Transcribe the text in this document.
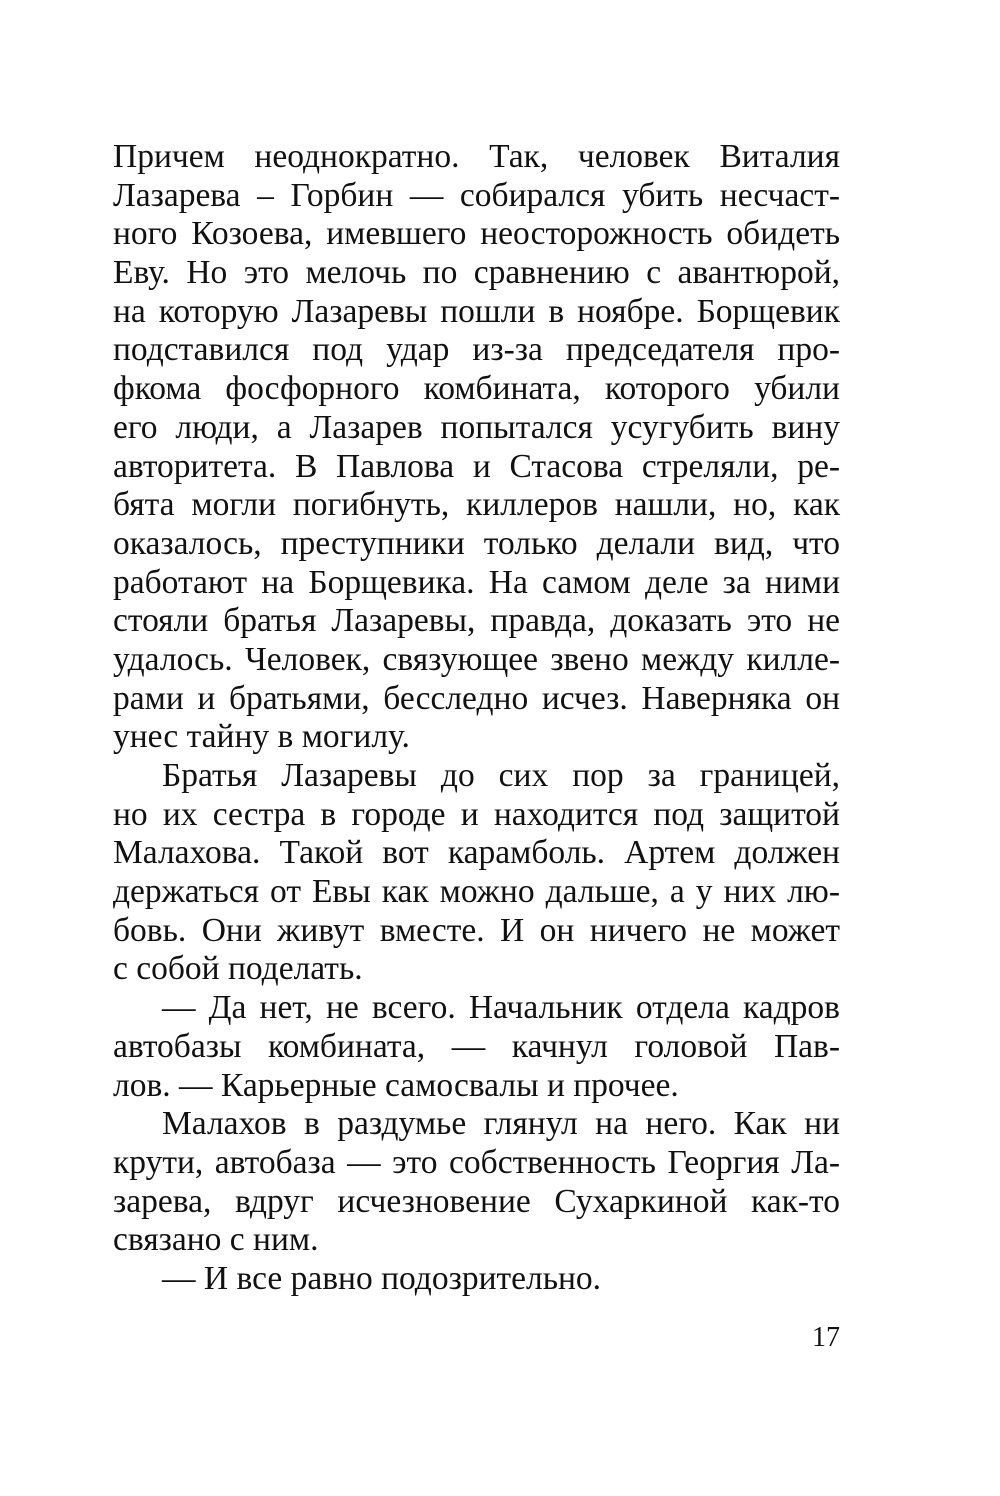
Причем неоднократно. Так, человек Виталия
Лазарева – Горбин — собирался убить несчаст-
ного Козоева, имевшего неосторожность обидеть
Еву. Но это мелочь по сравнению с авантюрой,
на которую Лазаревы пошли в ноябре. Борщевик
подставился под удар из-за председателя про-
фкома фосфорного комбината, которого убили
его люди, а Лазарев попытался усугубить вину
авторитета. В Павлова и Стасова стреляли, ре-
бята могли погибнуть, киллеров нашли, но, как
оказалось, преступники только делали вид, что
работают на Борщевика. На самом деле за ними
стояли братья Лазаревы, правда, доказать это не
удалось. Человек, связующее звено между килле-
рами и братьями, бесследно исчез. Наверняка он
унес тайну в могилу.
Братья Лазаревы до сих пор за границей,
но их сестра в городе и находится под защитой
Малахова. Такой вот карамболь. Артем должен
держаться от Евы как можно дальше, а у них лю-
бовь. Они живут вместе. И он ничего не может
с собой поделать.
— Да нет, не всего. Начальник отдела кадров
автобазы комбината, — качнул головой Пав-
лов. — Карьерные самосвалы и прочее.
Малахов в раздумье глянул на него. Как ни
крути, автобаза — это собственность Георгия Ла-
зарева, вдруг исчезновение Сухаркиной как-то
связано с ним.
— И все равно подозрительно.
17
